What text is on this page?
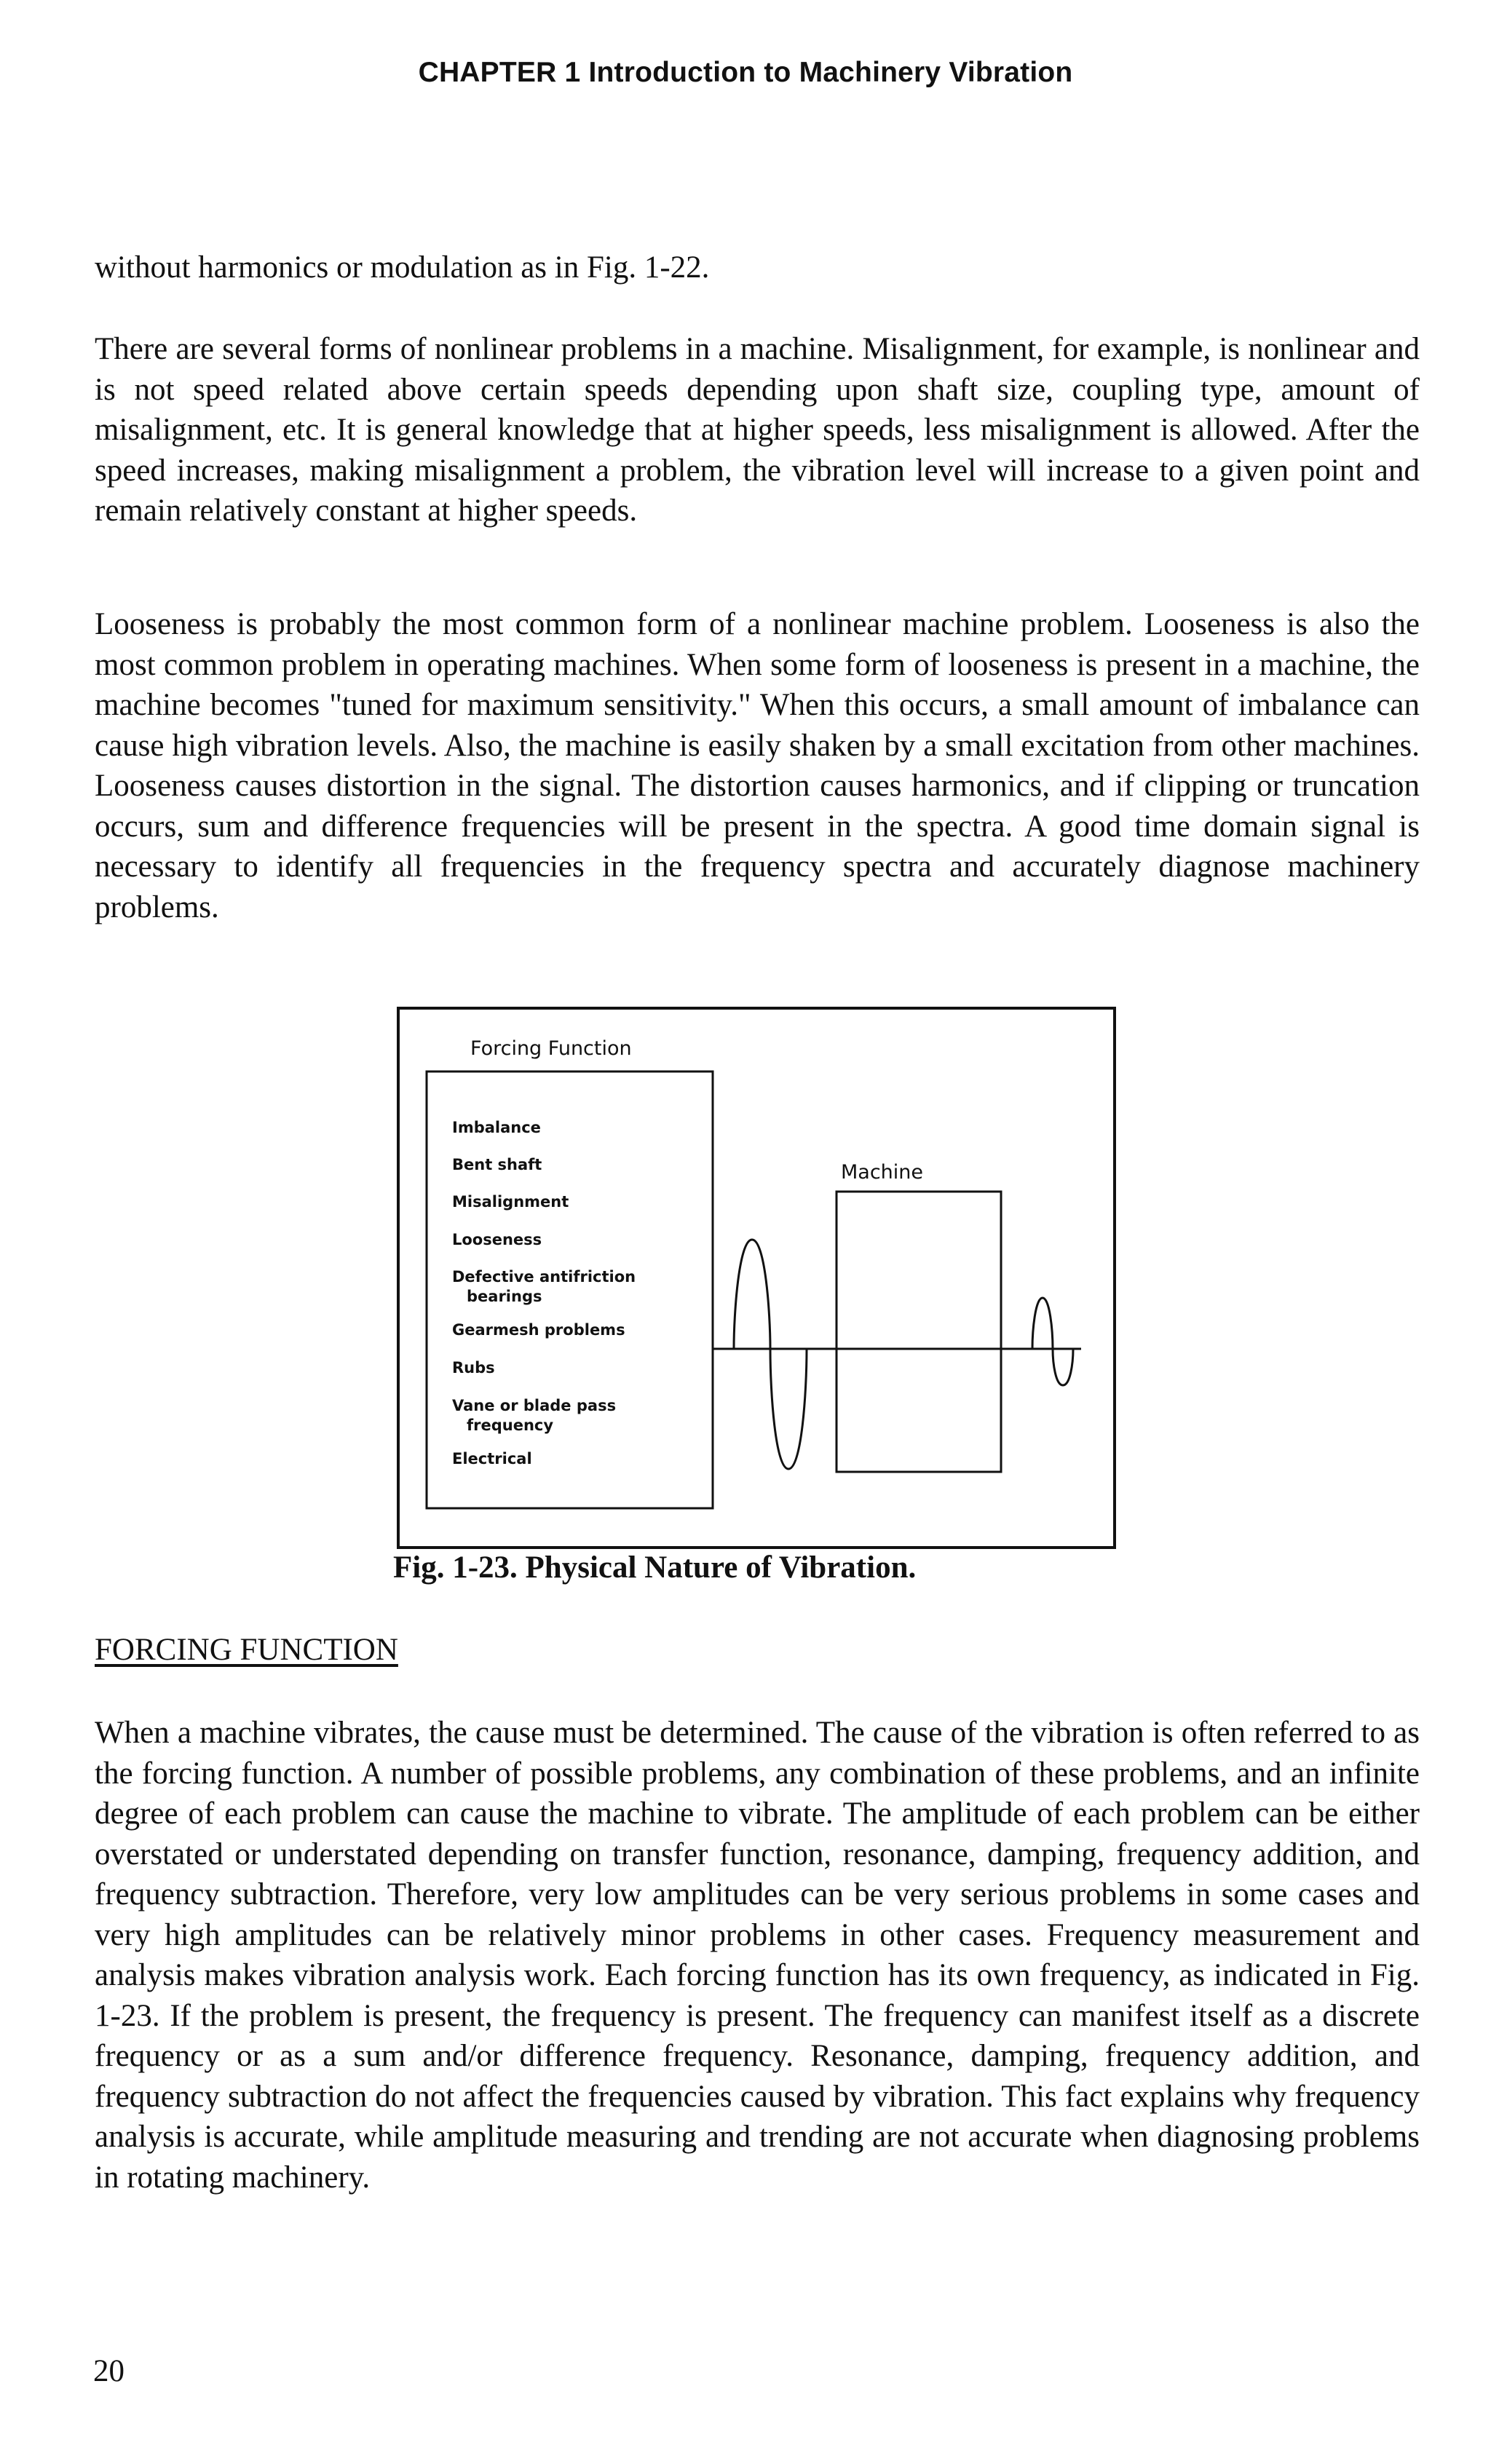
CHAPTER 1 Introduction to Machinery Vibration

without harmonics or modulation as in Fig. 1-22.

There are several forms of nonlinear problems in a machine. Misalignment, for example, is nonlinear and is not speed related above certain speeds depending upon shaft size, coupling type, amount of misalignment, etc. It is general knowledge that at higher speeds, less misalignment is allowed. After the speed increases, making misalignment a problem, the vibration level will increase to a given point and remain relatively constant at higher speeds.

Looseness is probably the most common form of a nonlinear machine problem. Looseness is also the most common problem in operating machines. When some form of looseness is present in a machine, the machine becomes "tuned for maximum sensitivity." When this occurs, a small amount of imbalance can cause high vibration levels. Also, the machine is easily shaken by a small excitation from other machines. Looseness causes distortion in the signal. The distortion causes harmonics, and if clipping or truncation occurs, sum and difference frequencies will be present in the spectra. A good time domain signal is necessary to identify all frequencies in the frequency spectra and accurately diagnose machinery problems.

Forcing Function
Imbalance
Bent shaft
Misalignment
Looseness
Defective antifriction
bearings
Gearmesh problems
Rubs
Vane or blade pass
frequency
Electrical
Machine

Fig. 1-23. Physical Nature of Vibration.

FORCING FUNCTION

When a machine vibrates, the cause must be determined. The cause of the vibration is often referred to as the forcing function. A number of possible problems, any combination of these problems, and an infinite degree of each problem can cause the machine to vibrate. The amplitude of each problem can be either overstated or understated depending on transfer function, resonance, damping, frequency addition, and frequency subtraction. Therefore, very low amplitudes can be very serious problems in some cases and very high amplitudes can be relatively minor problems in other cases. Frequency measurement and analysis makes vibration analysis work. Each forcing function has its own frequency, as indicated in Fig. 1-23. If the problem is present, the frequency is present. The frequency can manifest itself as a discrete frequency or as a sum and/or difference frequency. Resonance, damping, frequency addition, and frequency subtraction do not affect the frequencies caused by vibration. This fact explains why frequency analysis is accurate, while amplitude measuring and trending are not accurate when diagnosing problems in rotating machinery.

20
